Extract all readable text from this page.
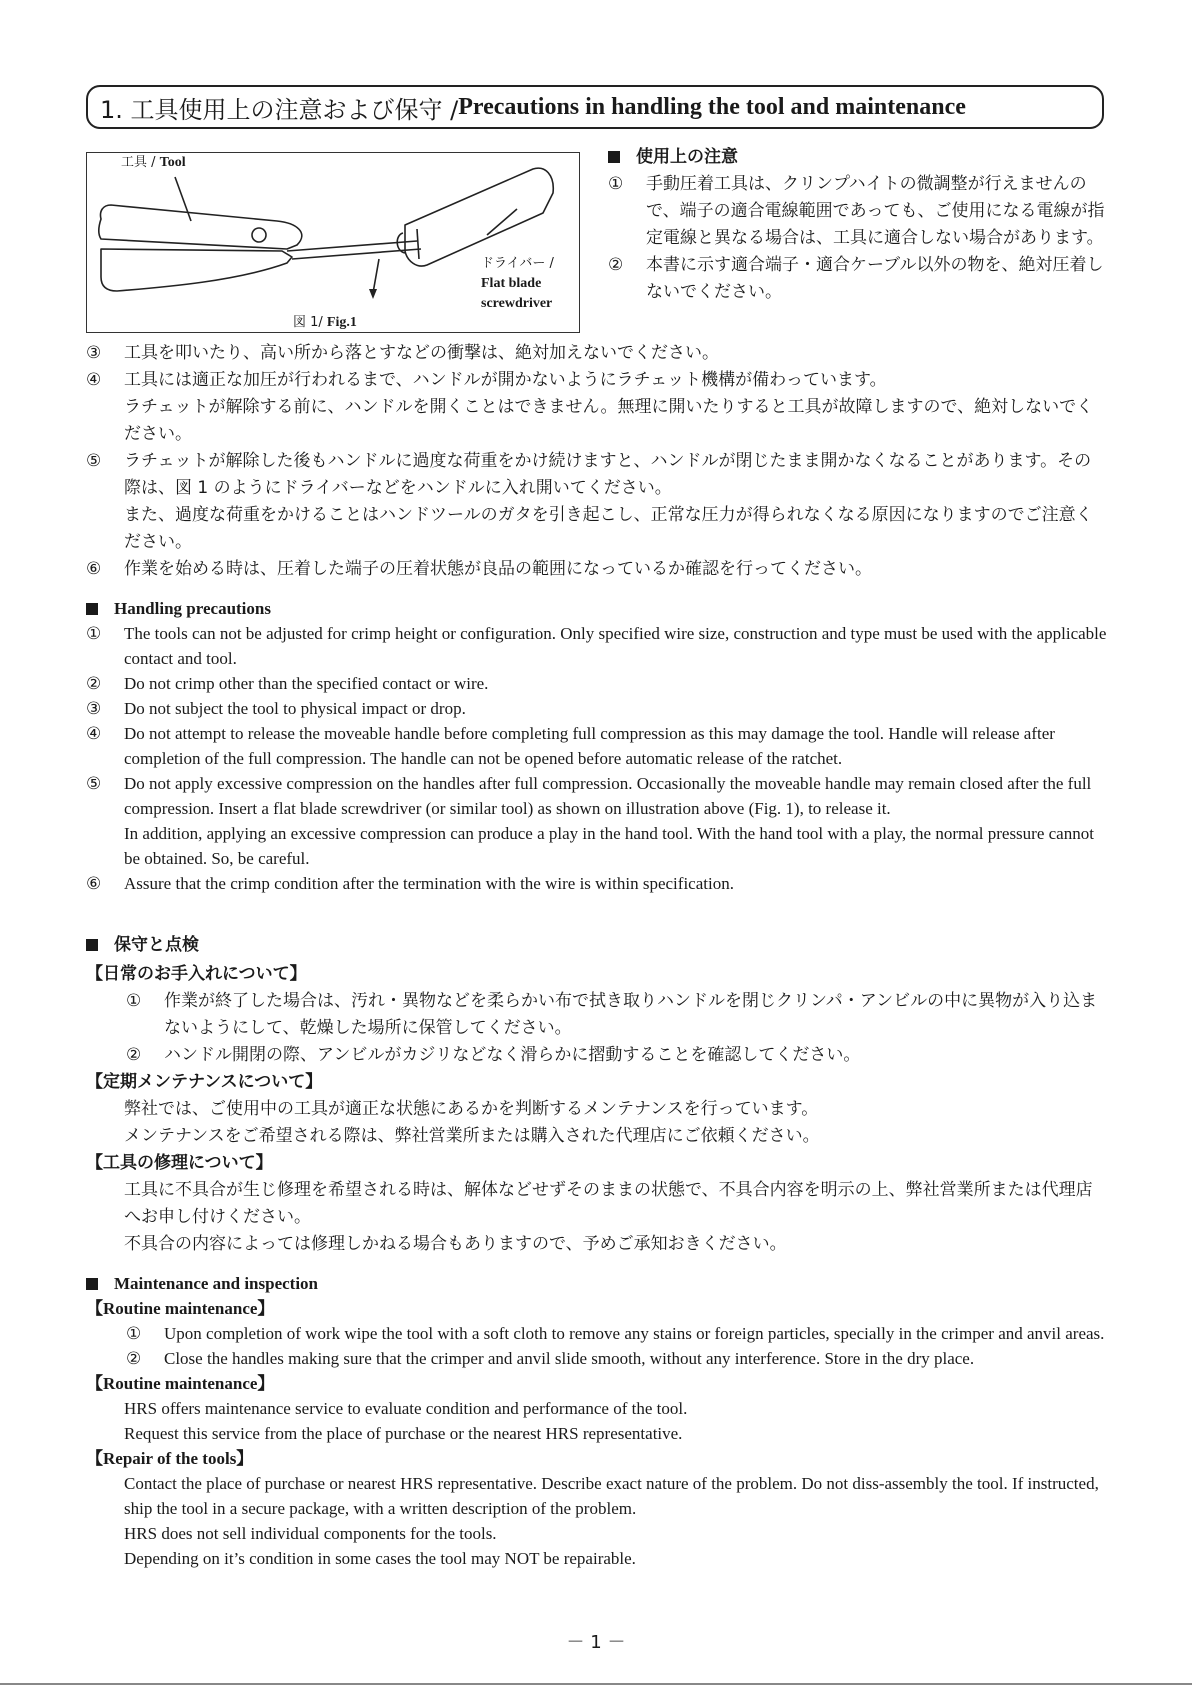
1. 工具使用上の注意および保守 / Precautions in handling the tool and maintenance
工具 / Tool
ドライバー /
Flat blade
screwdriver
図 1/ Fig.1
使用上の注意
①	手動圧着工具は、クリンプハイトの微調整が行えませんので、端子の適合電線範囲であっても、ご使用になる電線が指定電線と異なる場合は、工具に適合しない場合があります。
②	本書に示す適合端子・適合ケーブル以外の物を、絶対圧着しないでください。
③	工具を叩いたり、高い所から落とすなどの衝撃は、絶対加えないでください。
④	工具には適正な加圧が行われるまで、ハンドルが開かないようにラチェット機構が備わっています。
ラチェットが解除する前に、ハンドルを開くことはできません。無理に開いたりすると工具が故障しますので、絶対しないでください。
⑤	ラチェットが解除した後もハンドルに過度な荷重をかけ続けますと、ハンドルが閉じたまま開かなくなることがあります。その際は、図 1 のようにドライバーなどをハンドルに入れ開いてください。
また、過度な荷重をかけることはハンドツールのガタを引き起こし、正常な圧力が得られなくなる原因になりますのでご注意ください。
⑥	作業を始める時は、圧着した端子の圧着状態が良品の範囲になっているか確認を行ってください。
Handling precautions
①	The tools can not be adjusted for crimp height or configuration. Only specified wire size, construction and type must be used with the applicable contact and tool.
②	Do not crimp other than the specified contact or wire.
③	Do not subject the tool to physical impact or drop.
④	Do not attempt to release the moveable handle before completing full compression as this may damage the tool. Handle will release after completion of the full compression. The handle can not be opened before automatic release of the ratchet.
⑤	Do not apply excessive compression on the handles after full compression. Occasionally the moveable handle may remain closed after the full compression. Insert a flat blade screwdriver (or similar tool) as shown on illustration above (Fig. 1), to release it.
In addition, applying an excessive compression can produce a play in the hand tool. With the hand tool with a play, the normal pressure cannot be obtained. So, be careful.
⑥	Assure that the crimp condition after the termination with the wire is within specification.
保守と点検
【日常のお手入れについて】
①	作業が終了した場合は、汚れ・異物などを柔らかい布で拭き取りハンドルを閉じクリンパ・アンビルの中に異物が入り込まないようにして、乾燥した場所に保管してください。
②	ハンドル開閉の際、アンビルがカジリなどなく滑らかに摺動することを確認してください。
【定期メンテナンスについて】
弊社では、ご使用中の工具が適正な状態にあるかを判断するメンテナンスを行っています。
メンテナンスをご希望される際は、弊社営業所または購入された代理店にご依頼ください。
【工具の修理について】
工具に不具合が生じ修理を希望される時は、解体などせずそのままの状態で、不具合内容を明示の上、弊社営業所または代理店へお申し付けください。
不具合の内容によっては修理しかねる場合もありますので、予めご承知おきください。
Maintenance and inspection
【Routine maintenance】
①	Upon completion of work wipe the tool with a soft cloth to remove any stains or foreign particles, specially in the crimper and anvil areas.
②	Close the handles making sure that the crimper and anvil slide smooth, without any interference. Store in the dry place.
【Routine maintenance】
HRS offers maintenance service to evaluate condition and performance of the tool.
Request this service from the place of purchase or the nearest HRS representative.
【Repair of the tools】
Contact the place of purchase or nearest HRS representative. Describe exact nature of the problem. Do not diss-assembly the tool. If instructed, ship the tool in a secure package, with a written description of the problem.
HRS does not sell individual components for the tools.
Depending on it’s condition in some cases the tool may NOT be repairable.
－ 1 －
